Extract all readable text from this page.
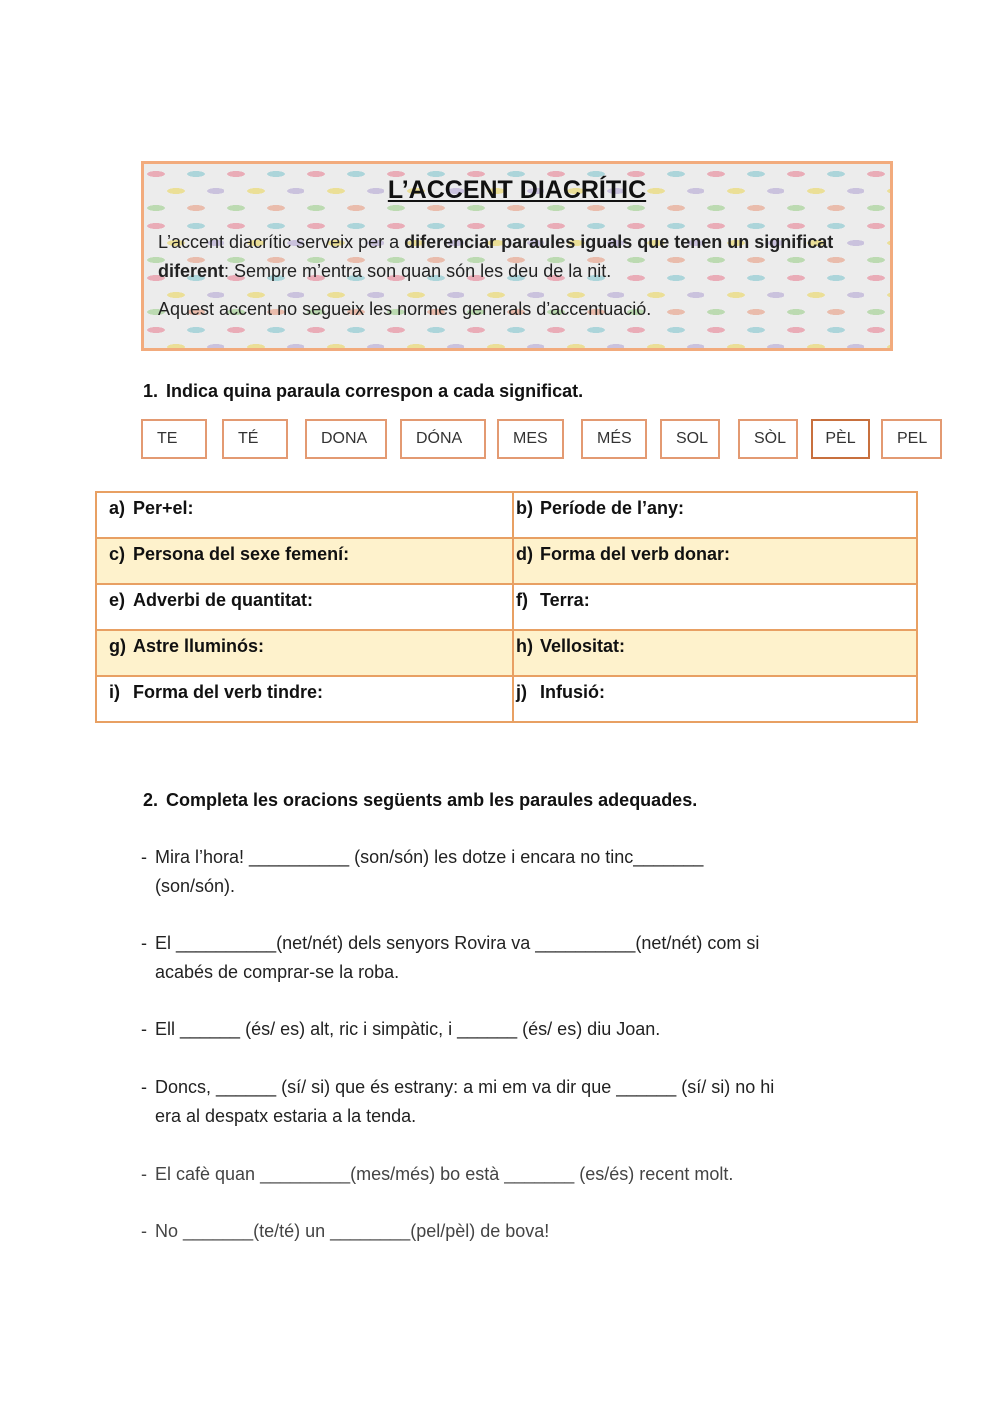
L’ACCENT DIACRÍTIC
L’accent diacrític serveix per a diferenciar paraules iguals que tenen un significat diferent: Sempre m’entra son quan són les deu de la nit.
Aquest accent no segueix les normes generals d’accentuació.
1. Indica quina paraula correspon a cada significat.
TE	TÉ	DONA	DÓNA	MES	MÉS	SOL	SÒL	PÈL	PEL
a) Per+el:	b) Període de l’any:
c) Persona del sexe femení:	d) Forma del verb donar:
e) Adverbi de quantitat:	f) Terra:
g) Astre lluminós:	h) Vellositat:
i) Forma del verb tindre:	j) Infusió:
2. Completa les oracions següents amb les paraules adequades.
- Mira l’hora! __________ (son/són) les dotze i encara no tinc_______
(son/són).
- El __________(net/nét) dels senyors Rovira va __________(net/nét) com si
acabés de comprar-se la roba.
- Ell ______ (és/ es) alt, ric i simpàtic, i ______ (és/ es) diu Joan.
- Doncs, ______ (sí/ si) que és estrany: a mi em va dir que ______ (sí/ si) no hi
era al despatx estaria a la tenda.
- El cafè quan _________(mes/més) bo està _______ (es/és) recent molt.
- No _______(te/té) un ________(pel/pèl) de bova!
